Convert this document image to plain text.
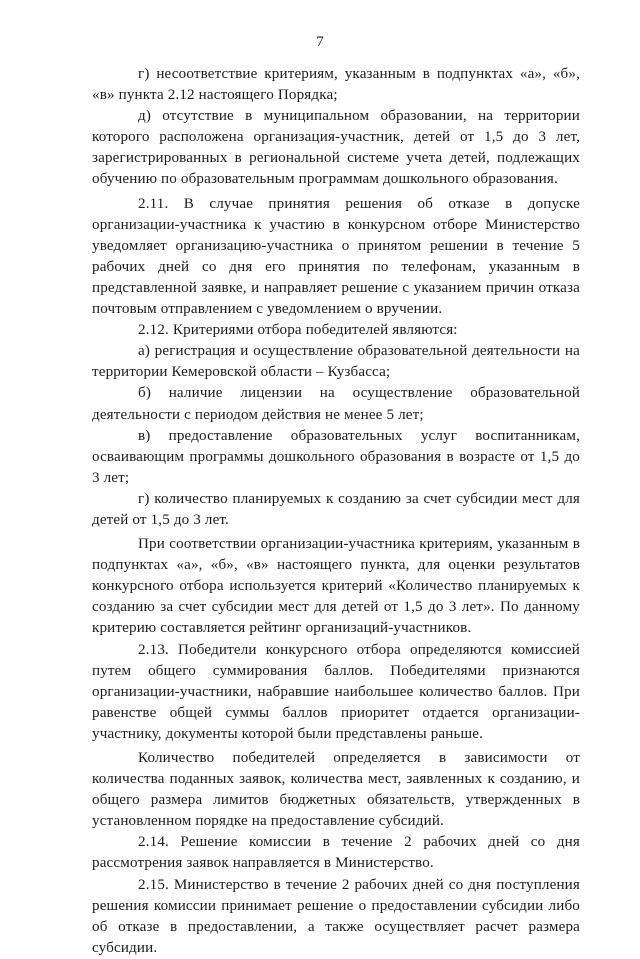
7

г) несоответствие критериям, указанным в подпунктах «а», «б», «в» пункта 2.12 настоящего Порядка;

д) отсутствие в муниципальном образовании, на территории которого расположена организация-участник, детей от 1,5 до 3 лет, зарегистрированных в региональной системе учета детей, подлежащих обучению по образовательным программам дошкольного образования.

2.11. В случае принятия решения об отказе в допуске организации-участника к участию в конкурсном отборе Министерство уведомляет организацию-участника о принятом решении в течение 5 рабочих дней со дня его принятия по телефонам, указанным в представленной заявке, и направляет решение с указанием причин отказа почтовым отправлением с уведомлением о вручении.

2.12. Критериями отбора победителей являются:

а) регистрация и осуществление образовательной деятельности на территории Кемеровской области – Кузбасса;

б) наличие лицензии на осуществление образовательной деятельности с периодом действия не менее 5 лет;

в) предоставление образовательных услуг воспитанникам, осваивающим программы дошкольного образования в возрасте от 1,5 до 3 лет;

г) количество планируемых к созданию за счет субсидии мест для детей от 1,5 до 3 лет.

При соответствии организации-участника критериям, указанным в подпунктах «а», «б», «в» настоящего пункта, для оценки результатов конкурсного отбора используется критерий «Количество планируемых к созданию за счет субсидии мест для детей от 1,5 до 3 лет». По данному критерию составляется рейтинг организаций-участников.

2.13. Победители конкурсного отбора определяются комиссией путем общего суммирования баллов. Победителями признаются организации-участники, набравшие наибольшее количество баллов. При равенстве общей суммы баллов приоритет отдается организации-участнику, документы которой были представлены раньше.

Количество победителей определяется в зависимости от количества поданных заявок, количества мест, заявленных к созданию, и общего размера лимитов бюджетных обязательств, утвержденных в установленном порядке на предоставление субсидий.

2.14. Решение комиссии в течение 2 рабочих дней со дня рассмотрения заявок направляется в Министерство.

2.15. Министерство в течение 2 рабочих дней со дня поступления решения комиссии принимает решение о предоставлении субсидии либо об отказе в предоставлении, а также осуществляет расчет размера субсидии.
